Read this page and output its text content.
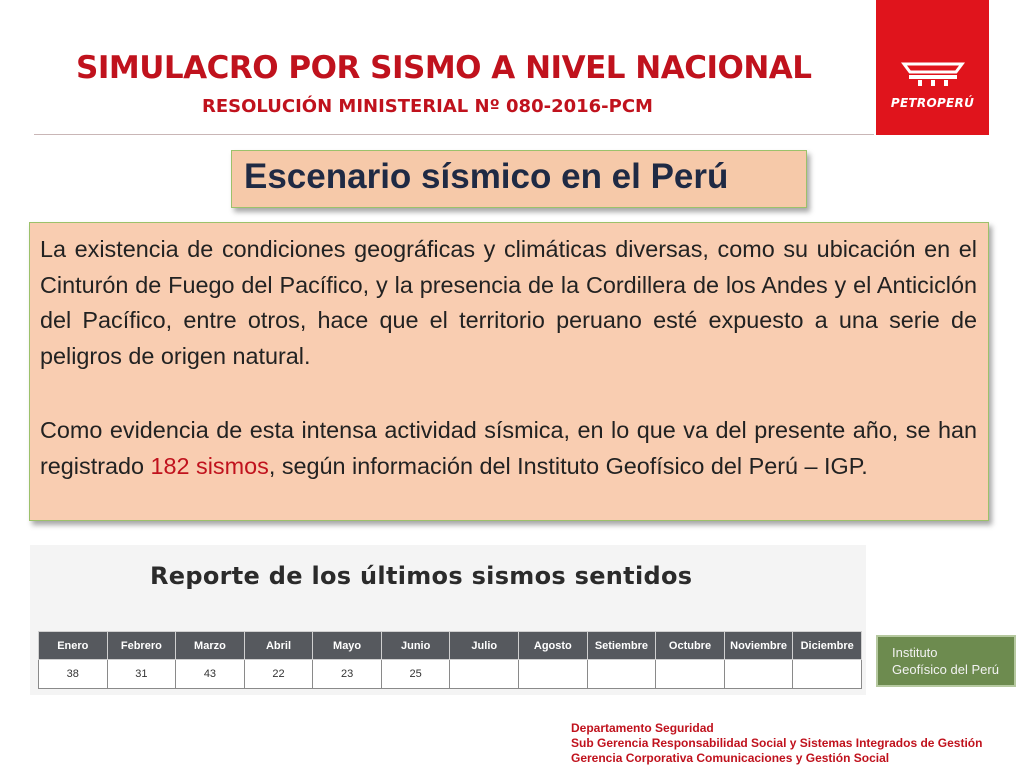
SIMULACRO POR SISMO A NIVEL NACIONAL
RESOLUCIÓN MINISTERIAL Nº 080-2016-PCM	PETROPERÚ
Escenario sísmico en el Perú

La existencia de condiciones geográficas y climáticas diversas, como su ubicación en el Cinturón de Fuego del Pacífico, y la presencia de la Cordillera de los Andes y el Anticiclón del Pacífico, entre otros, hace que el territorio peruano esté expuesto a una serie de peligros de origen natural.

Como evidencia de esta intensa actividad sísmica, en lo que va del presente año, se han registrado 182 sismos, según información del Instituto Geofísico del Perú – IGP.

Reporte de los últimos sismos sentidos
Enero	Febrero	Marzo	Abril	Mayo	Junio	Julio	Agosto	Setiembre	Octubre	Noviembre	Diciembre
38	31	43	22	23	25						
Instituto
Geofísico del Perú
Departamento Seguridad
Sub Gerencia Responsabilidad Social y Sistemas Integrados de Gestión
Gerencia Corporativa Comunicaciones y Gestión Social
